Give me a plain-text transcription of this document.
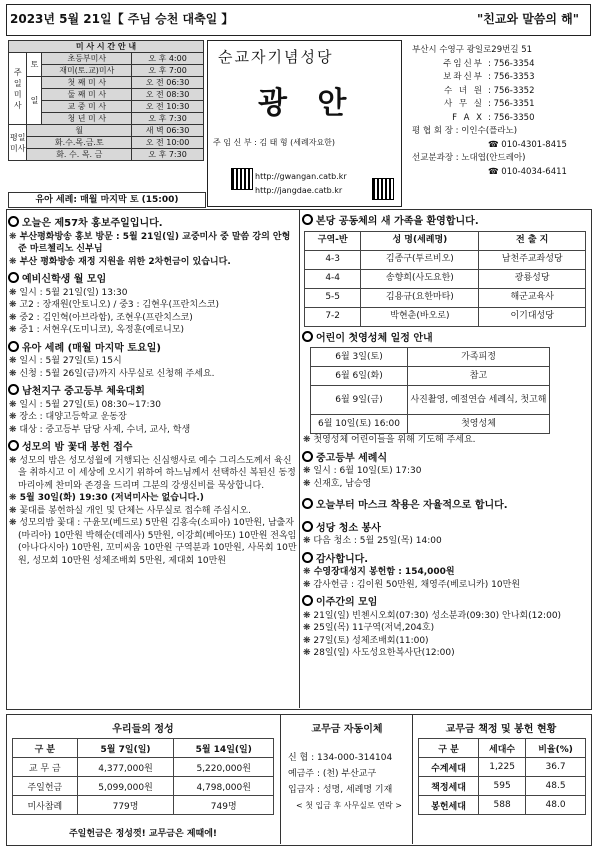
2023년 5월 21일【 주님 승천 대축일 】	"친교와 말씀의 해"
미 사 시 간 안 내			
주
일
미
사	토	초등부미사	오 후 4:00
		재미(토.교)미사	오 후 7:00
	일	첫 째 미 사	오 전 06:30
		둘 째 미 사	오 전 08:30
		교 중 미 사	오 전 10:30
		청 년 미 사	오 후 7:30
평일
미사	월		새 벽 06:30
	화.수.목.금.토		오 전 10:00
	화. 수. 목. 금		오 후 7:30
유아 세례: 매월 마지막 토 (15:00)
순교자기념성당
광 안
주 임 신 부 : 김 태 형 (세례자요한)
http://gwangan.catb.kr
http://jangdae.catb.kr
부산시 수영구 광일로29번길 51
주임신부 : 756-3354
보좌신부 : 756-3353
수 녀 원 : 756-3352
사 무 실 : 756-3351
F A X : 756-3350
평 협 회 장 : 이인수(플라노)
☎ 010-4301-8415
선교분과장 : 노대엽(안드레아)
☎ 010-4034-6411
오늘은 제57차 홍보주일입니다.
❋ 부산평화방송 홍보 방문 : 5월 21일(일) 교중미사 중 말씀 강의 안형준 마르첼리노 신부님
❋ 부산 평화방송 재정 지원을 위한 2차헌금이 있습니다.
예비신학생 월 모임
❋ 일시 : 5월 21일(일) 13:30
❋ 고2 : 장재원(안토니오) / 중3 : 김현우(프란치스코)
❋ 중2 : 김인혁(아브라함), 조현우(프란치스코)
❋ 중1 : 서현우(도미니코), 옥정훈(예로니모)
유아 세례 (매월 마지막 토요일)
❋ 일시 : 5월 27일(토) 15시
❋ 신청 : 5월 26일(금)까지 사무실로 신청해 주세요.
남천지구 중고등부 체육대회
❋ 일시 : 5월 27일(토) 08:30~17:30
❋ 장소 : 대양고등학교 운동장
❋ 대상 : 중고등부 담당 사제, 수녀, 교사, 학생
성모의 밤 꽃대 봉헌 접수
❋ 성모의 밤은 성모성월에 거행되는 신심행사로 예수 그리스도께서 육신을 취하시고 이 세상에 오시기 위하여 하느님께서 선택하신 복된신 동정 마리아께 찬미와 존경을 드리며 그분의 강생신비를 묵상합니다.
❋ 5월 30일(화) 19:30 (저녁미사는 없습니다.)
❋ 꽃대를 봉헌하실 개인 및 단체는 사무실로 접수해 주십시오.
❋ 성모의밤 꽃대 : 구윤모(베드로) 5만원 김홍숙(소피아) 10만원, 남출자(마리아) 10만원 박해순(데레사) 5만원, 이강희(베아또) 10만원 전옥임(아나다시아) 10만원, 꼬미씨움 10만원 구역분과 10만원, 사목회 10만원, 성모회 10만원 성체조배회 5만원, 제대회 10만원
본당 공동체의 새 가족을 환영합니다.
구역-반	성 명(세례명)	전 출 지
4-3	김종구(투르비오)	남천주교좌성당
4-4	송향희(사도요한)	광룡성당
5-5	김용규(요한마타)	해군교육사
7-2	박현춘(바오로)	이기대성당
어린이 첫영성체 일정 안내
6월 3일(토)	가족피정
6월 6일(화)	참고
6월 9일(금)	사진촬영, 예절연습 세례식, 첫고해
6월 10일(토) 16:00	첫영성체
❋ 첫영성체 어린이들을 위해 기도해 주세요.
중고등부 세례식
❋ 일시 : 6월 10일(토) 17:30
❋ 신재호, 남승영
오늘부터 마스크 착용은 자율적으로 합니다.
성당 청소 봉사
❋ 다음 청소 : 5월 25일(목) 14:00
감사합니다.
❋ 수영장대성지 봉헌함 : 154,000원
❋ 감사헌금 : 김이원 50만원, 채영주(베로니카) 10만원
이주간의 모임
❋ 21일(일) 빈첸시오회(07:30) 성소분과(09:30) 안나회(12:00)
❋ 25일(목) 11구역(저녁,204호)
❋ 27일(토) 성체조배회(11:00)
❋ 28일(일) 사도성요한복사단(12:00)
우리들의 정성
구 분	5월 7일(일)	5월 14일(일)
교 무 금	4,377,000원	5,220,000원
주일헌금	5,099,000원	4,798,000원
미사참례	779명	749명
주일헌금은 정성껏! 교무금은 제때에!
교무금 자동이체
신 협 : 134-000-314104
예금주 : (천) 부산교구
입금자 : 성명, 세례명 기재
< 첫 입금 후 사무실로 연락 >
교무금 책정 및 봉헌 현황
구 분	세대수	비율(%)
수계세대	1,225	36.7
책정세대	595	48.5
봉헌세대	588	48.0
